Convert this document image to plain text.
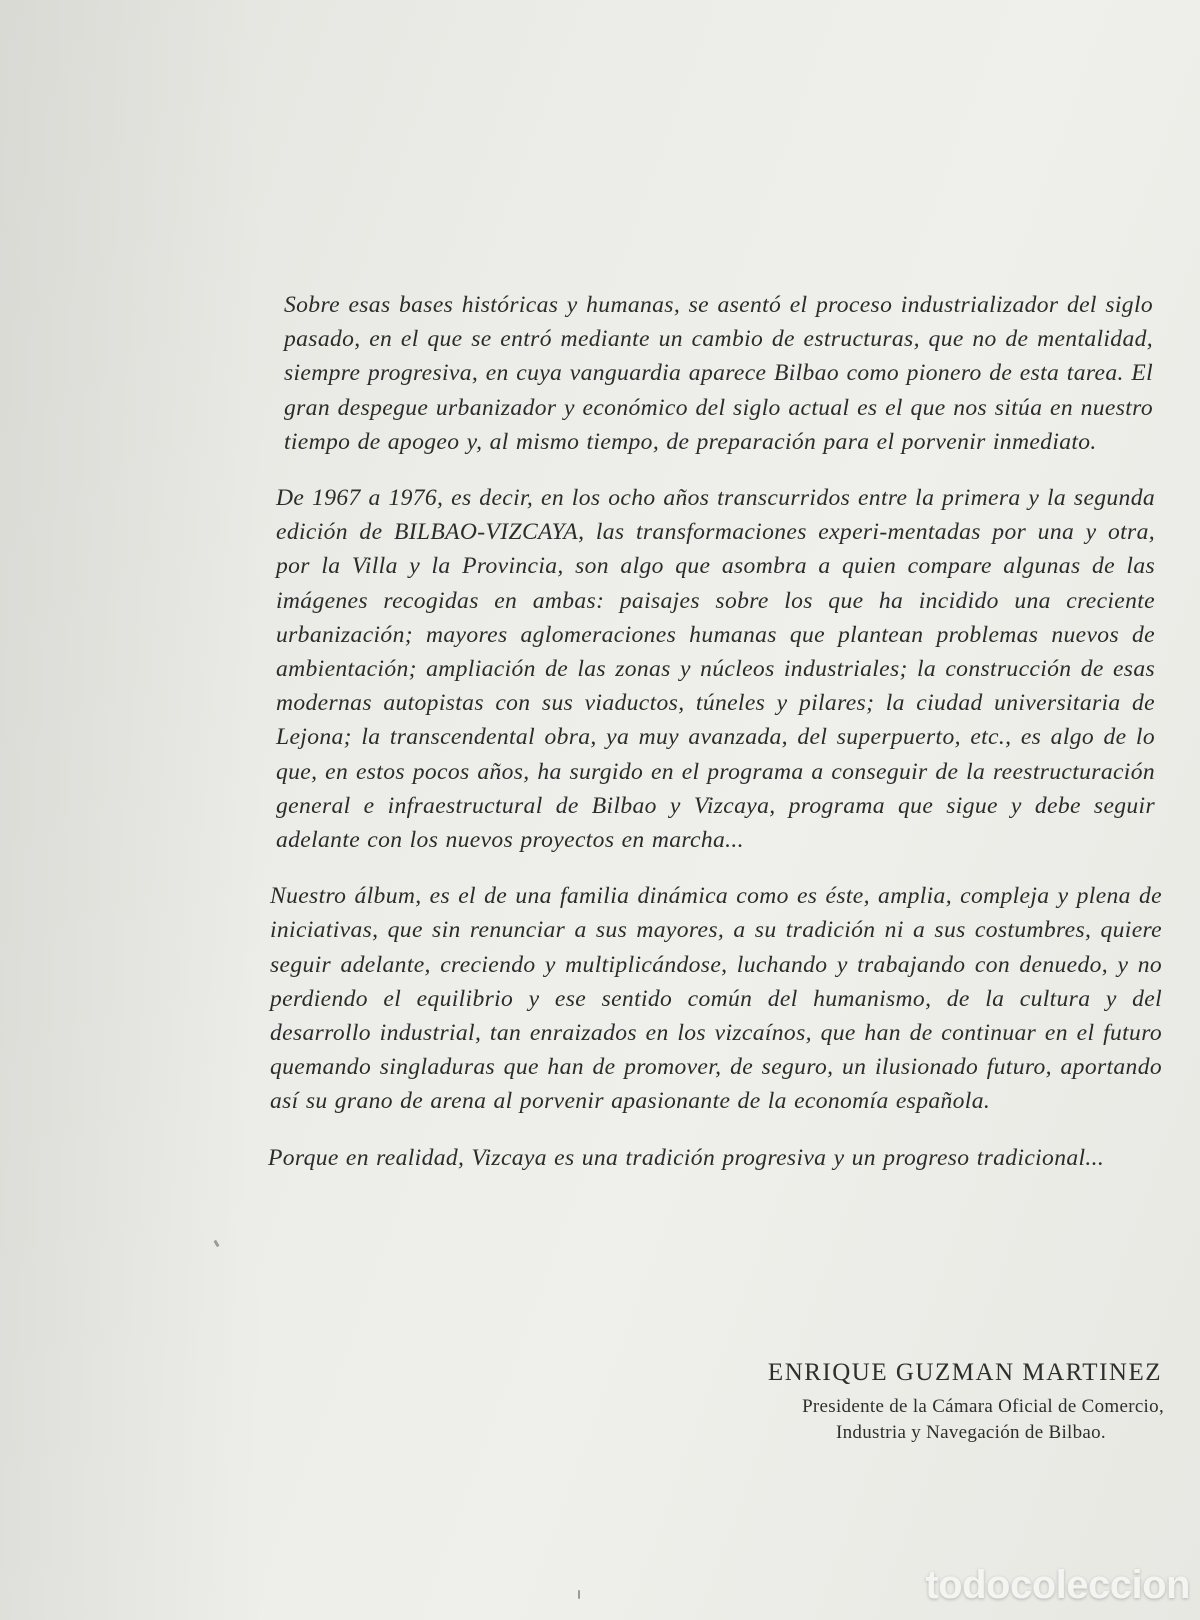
Sobre esas bases históricas y humanas, se asentó el proceso industrializador del siglo pasado, en el que se entró mediante un cambio de estructuras, que no de mentalidad, siempre progresiva, en cuya vanguardia aparece Bilbao como pionero de esta tarea. El gran despegue urbanizador y económico del siglo actual es el que nos sitúa en nuestro tiempo de apogeo y, al mismo tiempo, de preparación para el porvenir inmediato.

De 1967 a 1976, es decir, en los ocho años transcurridos entre la primera y la segunda edición de BILBAO-VIZCAYA, las transformaciones experi-mentadas por una y otra, por la Villa y la Provincia, son algo que asombra a quien compare algunas de las imágenes recogidas en ambas: paisajes sobre los que ha incidido una creciente urbanización; mayores aglomeraciones humanas que plantean problemas nuevos de ambientación; ampliación de las zonas y núcleos industriales; la construcción de esas modernas autopistas con sus viaductos, túneles y pilares; la ciudad universitaria de Lejona; la transcendental obra, ya muy avanzada, del superpuerto, etc., es algo de lo que, en estos pocos años, ha surgido en el programa a conseguir de la reestructuración general e infraestructural de Bilbao y Vizcaya, programa que sigue y debe seguir adelante con los nuevos proyectos en marcha...

Nuestro álbum, es el de una familia dinámica como es éste, amplia, compleja y plena de iniciativas, que sin renunciar a sus mayores, a su tradición ni a sus costumbres, quiere seguir adelante, creciendo y multiplicándose, luchando y trabajando con denuedo, y no perdiendo el equilibrio y ese sentido común del humanismo, de la cultura y del desarrollo industrial, tan enraizados en los vizcaínos, que han de continuar en el futuro quemando singladuras que han de promover, de seguro, un ilusionado futuro, aportando así su grano de arena al porvenir apasionante de la economía española.

Porque en realidad, Vizcaya es una tradición progresiva y un progreso tradicional...

ENRIQUE GUZMAN MARTINEZ
Presidente de la Cámara Oficial de Comercio,
Industria y Navegación de Bilbao.
todocoleccion
